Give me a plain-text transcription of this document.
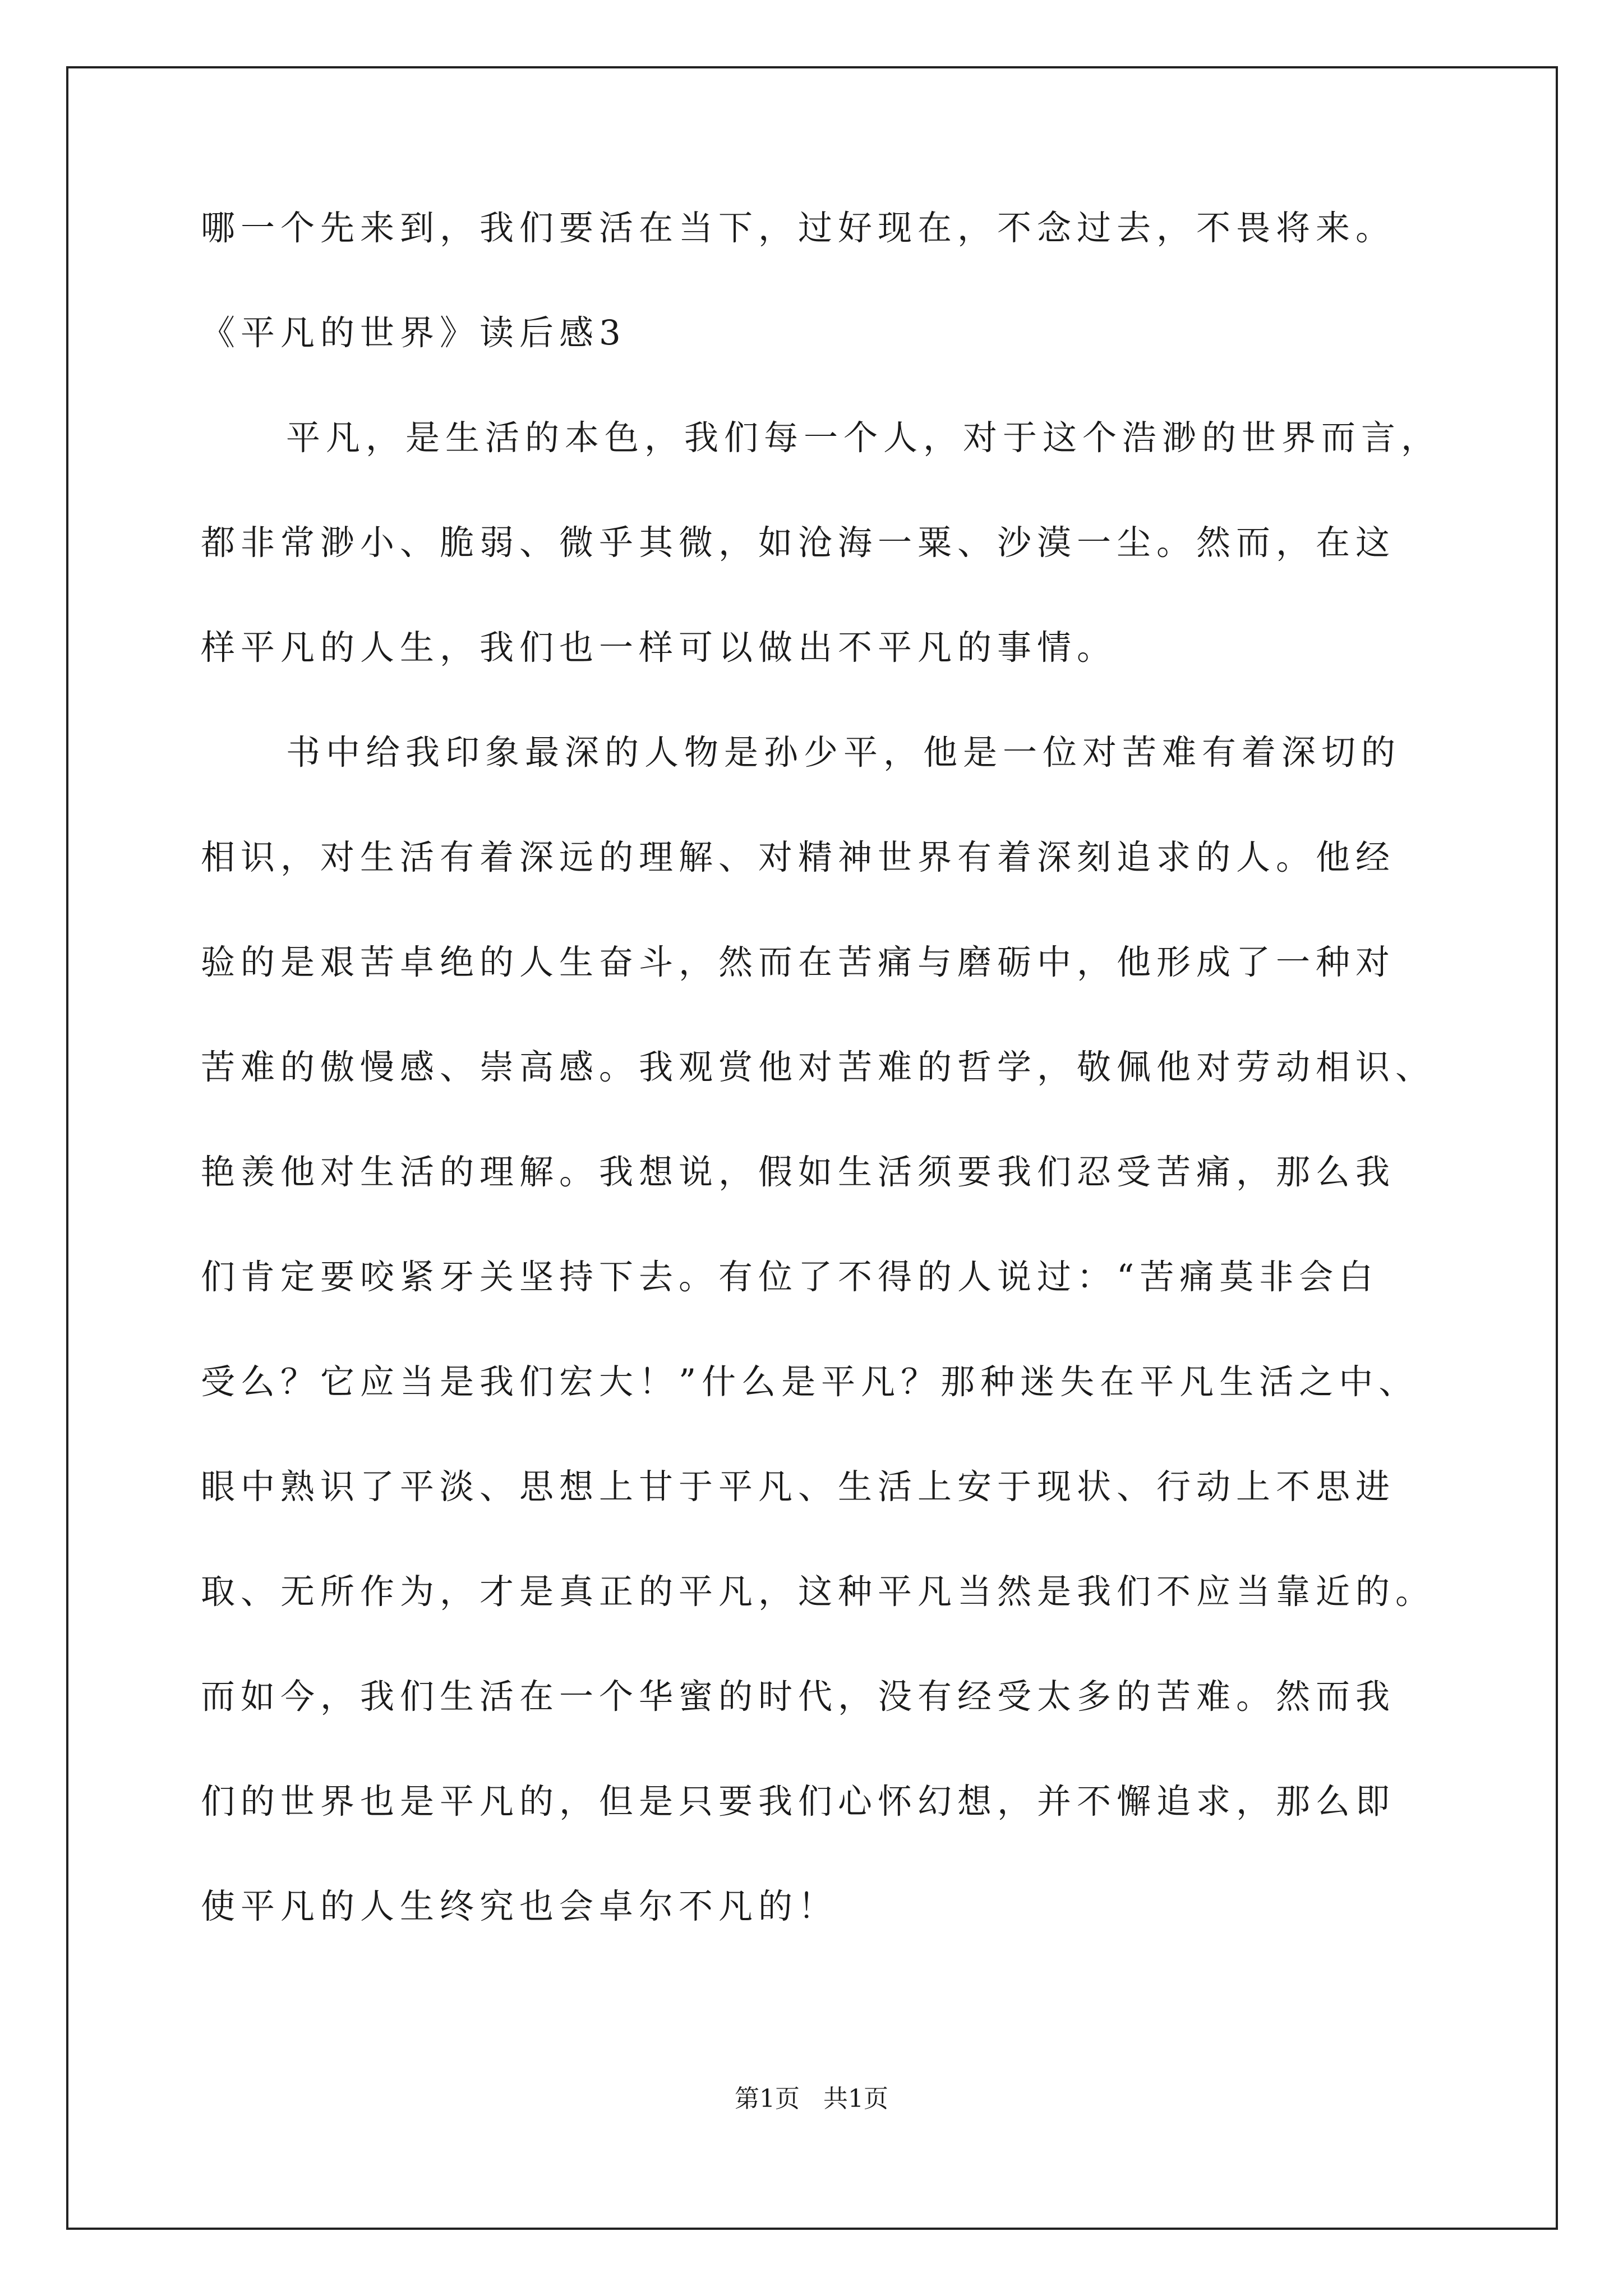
哪一个先来到，我们要活在当下，过好现在，不念过去，不畏将来。

《平凡的世界》读后感3

平凡，是生活的本色，我们每一个人，对于这个浩渺的世界而言，

都非常渺小、脆弱、微乎其微，如沧海一粟、沙漠一尘。然而，在这

样平凡的人生，我们也一样可以做出不平凡的事情。

书中给我印象最深的人物是孙少平，他是一位对苦难有着深切的

相识，对生活有着深远的理解、对精神世界有着深刻追求的人。他经

验的是艰苦卓绝的人生奋斗，然而在苦痛与磨砺中，他形成了一种对

苦难的傲慢感、崇高感。我观赏他对苦难的哲学，敬佩他对劳动相识、

艳羡他对生活的理解。我想说，假如生活须要我们忍受苦痛，那么我

们肯定要咬紧牙关坚持下去。有位了不得的人说过：“苦痛莫非会白

受么？它应当是我们宏大！”什么是平凡？那种迷失在平凡生活之中、

眼中熟识了平淡、思想上甘于平凡、生活上安于现状、行动上不思进

取、无所作为，才是真正的平凡，这种平凡当然是我们不应当靠近的。

而如今，我们生活在一个华蜜的时代，没有经受太多的苦难。然而我

们的世界也是平凡的，但是只要我们心怀幻想，并不懈追求，那么即

使平凡的人生终究也会卓尔不凡的！

第1页   共1页
